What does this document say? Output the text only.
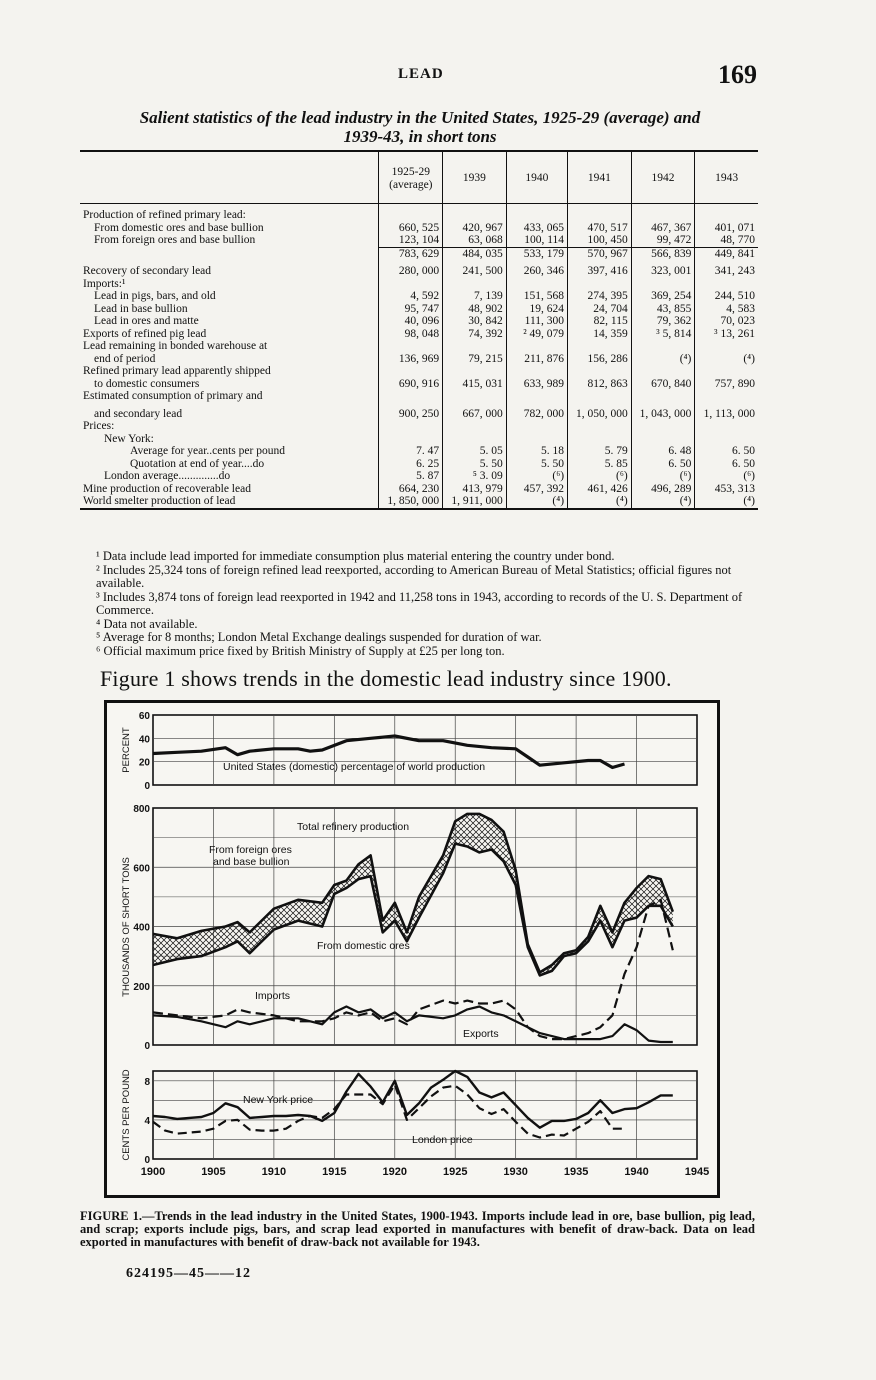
LEAD	169
Salient statistics of the lead industry in the United States, 1925-29 (average) and
1939-43, in short tons
	1925-29 (average)	1939	1940	1941	1942	1943
Production of refined primary lead:						
From domestic ores and base bullion	660, 525	420, 967	433, 065	470, 517	467, 367	401, 071
From foreign ores and base bullion	123, 104	63, 068	100, 114	100, 450	99, 472	48, 770
	783, 629	484, 035	533, 179	570, 967	566, 839	449, 841
Recovery of secondary lead	280, 000	241, 500	260, 346	397, 416	323, 001	341, 243
Imports:¹						
Lead in pigs, bars, and old	4, 592	7, 139	151, 568	274, 395	369, 254	244, 510
Lead in base bullion	95, 747	48, 902	19, 624	24, 704	43, 855	4, 583
Lead in ores and matte	40, 096	30, 842	111, 300	82, 115	79, 362	70, 023
Exports of refined pig lead	98, 048	74, 392	² 49, 079	14, 359	³ 5, 814	³ 13, 261
Lead remaining in bonded warehouse at						
end of period	136, 969	79, 215	211, 876	156, 286	(⁴)	(⁴)
Refined primary lead apparently shipped						
to domestic consumers	690, 916	415, 031	633, 989	812, 863	670, 840	757, 890
Estimated consumption of primary and						
and secondary lead	900, 250	667, 000	782, 000	1, 050, 000	1, 043, 000	1, 113, 000
Prices:						
New York:						
Average for year..cents per pound	7. 47	5. 05	5. 18	5. 79	6. 48	6. 50
Quotation at end of year....do	6. 25	5. 50	5. 50	5. 85	6. 50	6. 50
London average..............do	5. 87	⁵ 3. 09	(⁶)	(⁶)	(⁶)	(⁶)
Mine production of recoverable lead	664, 230	413, 979	457, 392	461, 426	496, 289	453, 313
World smelter production of lead	1, 850, 000	1, 911, 000	(⁴)	(⁴)	(⁴)	(⁴)

¹ Data include lead imported for immediate consumption plus material entering the country under bond.

² Includes 25,324 tons of foreign refined lead reexported, according to American Bureau of Metal Statistics; official figures not available.

³ Includes 3,874 tons of foreign lead reexported in 1942 and 11,258 tons in 1943, according to records of the U. S. Department of Commerce.

⁴ Data not available.

⁵ Average for 8 months; London Metal Exchange dealings suspended for duration of war.

⁶ Official maximum price fixed by British Ministry of Supply at £25 per long ton.

Figure 1 shows trends in the domestic lead industry since 1900.
0
20
40
60
0
200
400
600
800
0
4
8
PERCENT
THOUSANDS OF SHORT TONS
CENTS PER POUND
1900	1905	1910	1915	1920	1925	1930	1935	1940	1945
United States (domestic) percentage of world production
Total refinery production
From foreign ores
and base bullion
From domestic ores
Imports
Exports
New York price
London price
FIGURE 1.—Trends in the lead industry in the United States, 1900-1943. Imports include lead in ore, base bullion, pig lead, and scrap; exports include pigs, bars, and scrap lead exported in manufactures with benefit of draw-back. Data on lead exported in manufactures with benefit of draw-back not available for 1943.
624195—45——12
